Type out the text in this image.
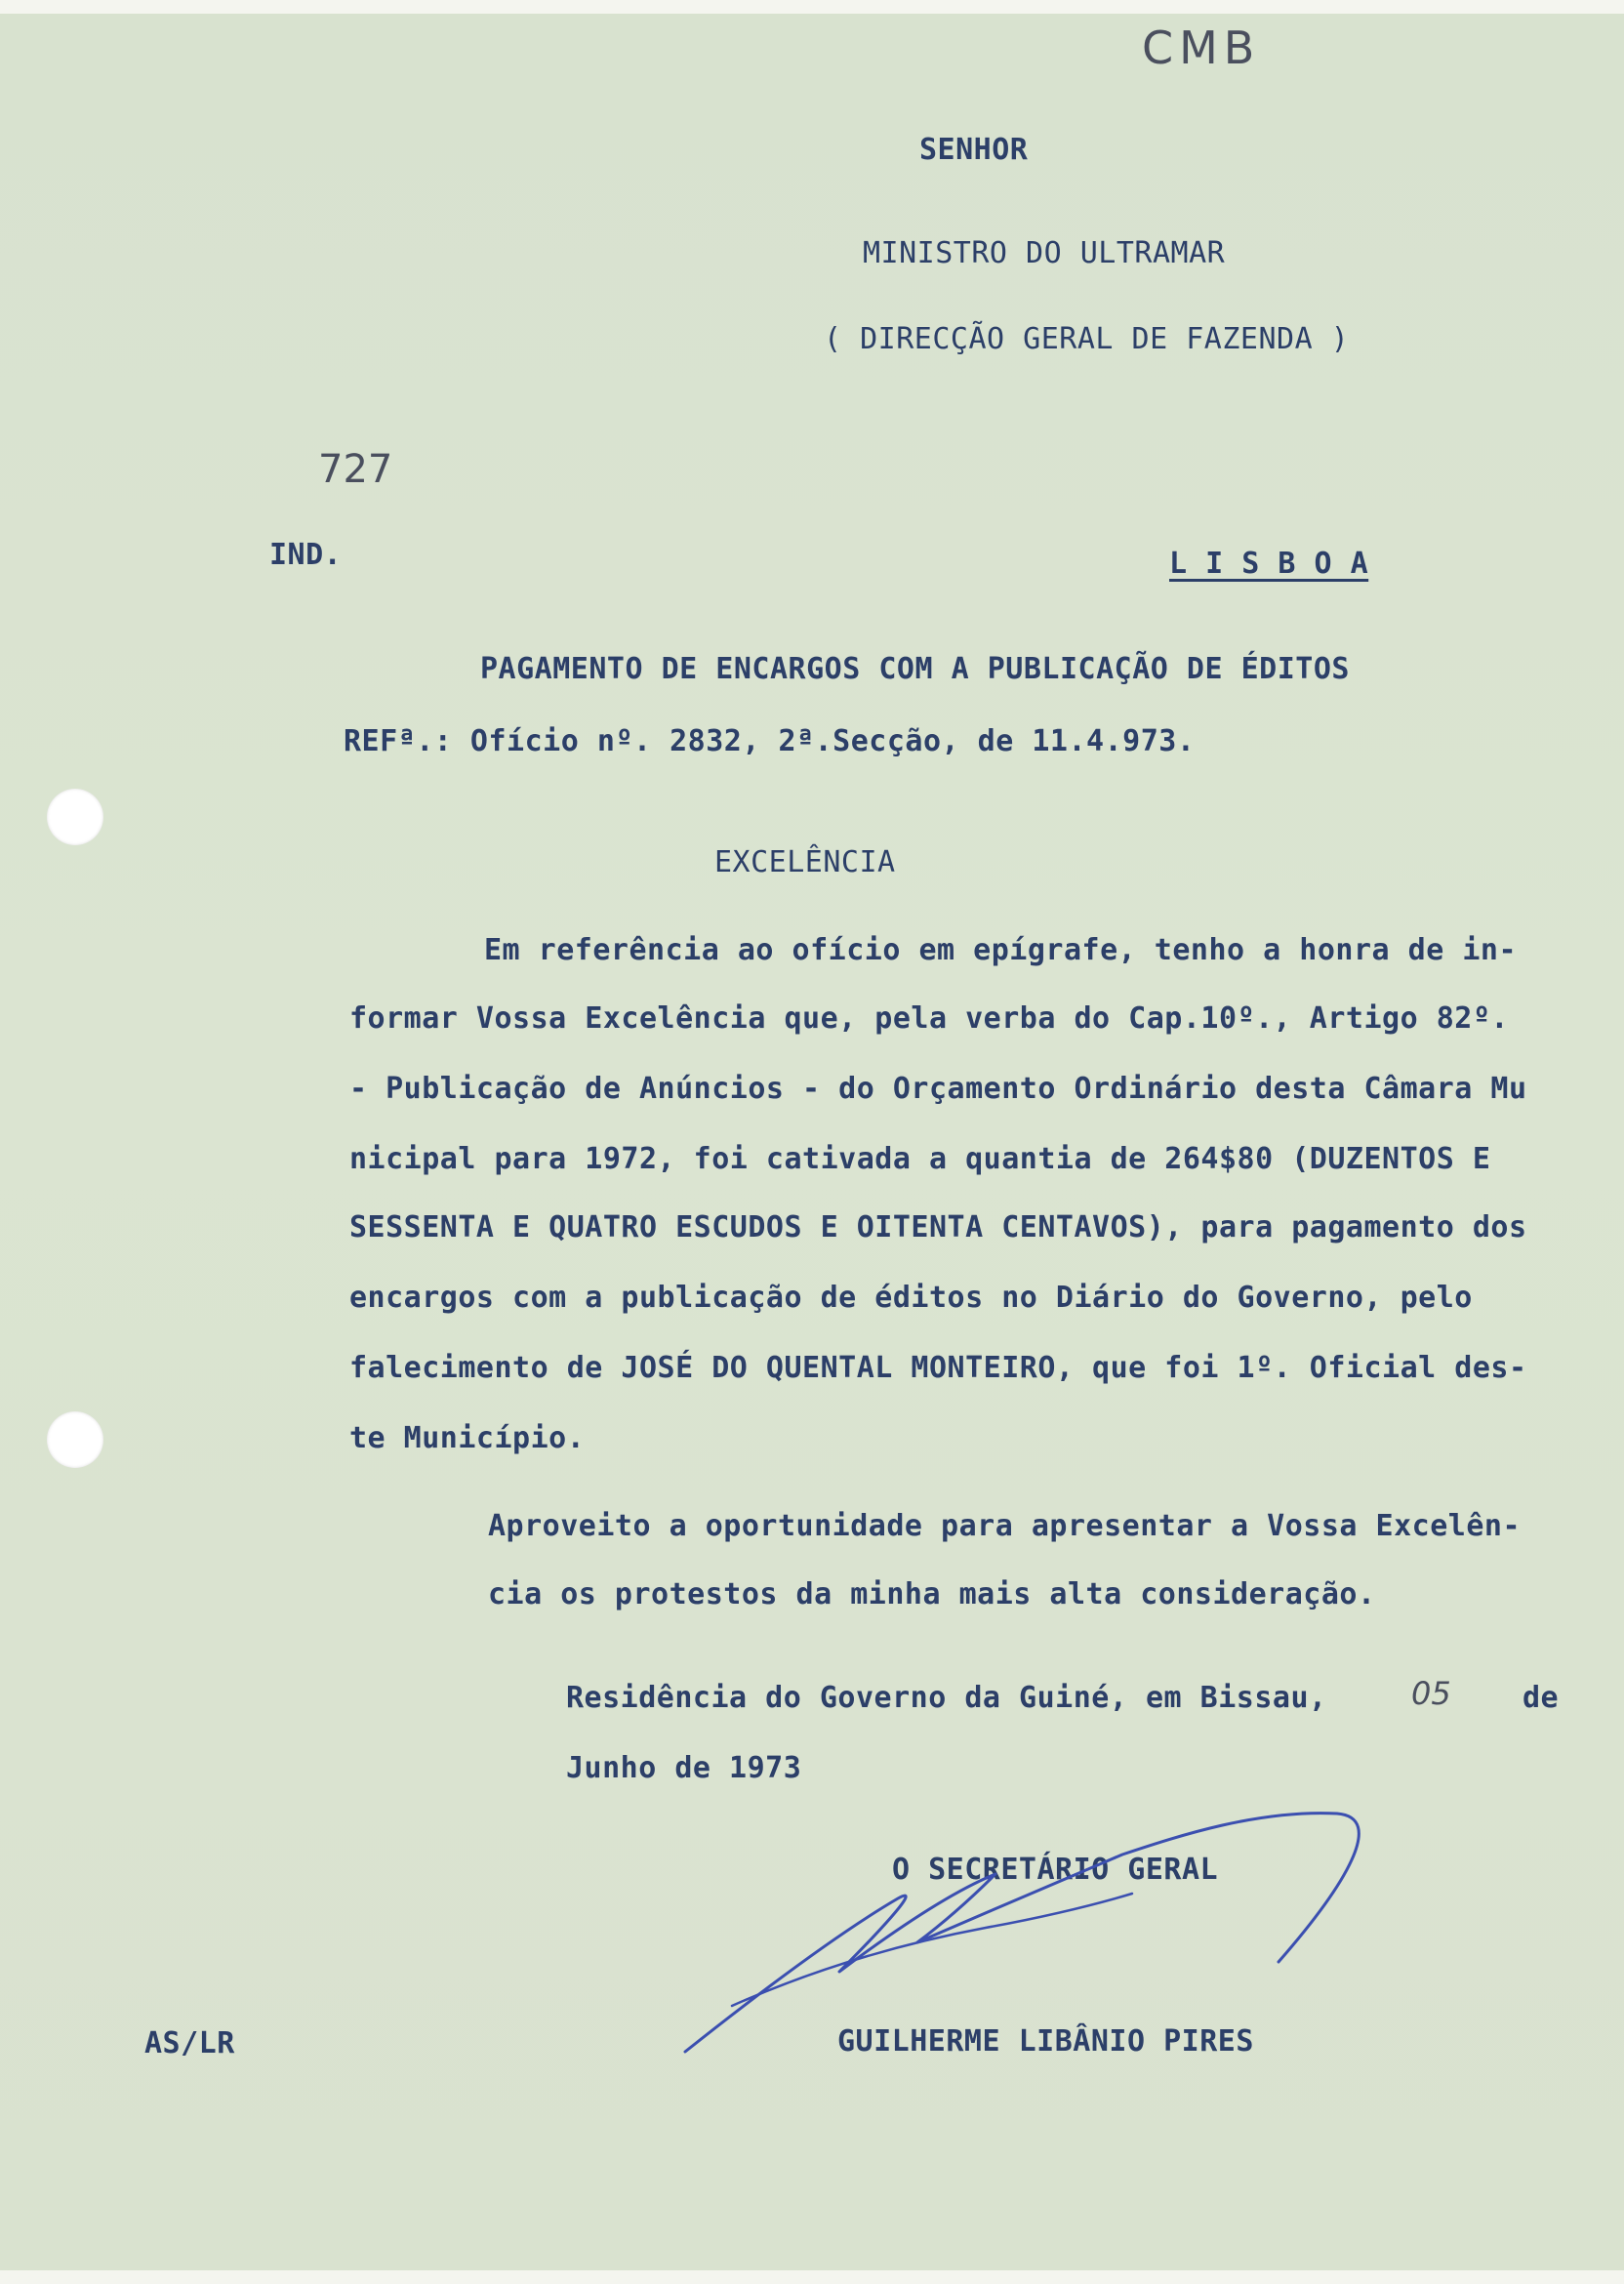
CMB
727
SENHOR
MINISTRO DO ULTRAMAR
( DIRECÇÃO GERAL DE FAZENDA )
IND.	L I S B O A
PAGAMENTO DE ENCARGOS COM A PUBLICAÇÃO DE ÉDITOS
REFª.: Ofício nº. 2832, 2ª.Secção, de 11.4.973.
EXCELÊNCIA
Em referência ao ofício em epígrafe, tenho a honra de in-
formar Vossa Excelência que, pela verba do Cap.10º., Artigo 82º.
- Publicação de Anúncios - do Orçamento Ordinário desta Câmara Mu
nicipal para 1972, foi cativada a quantia de 264$80 (DUZENTOS E
SESSENTA E QUATRO ESCUDOS E OITENTA CENTAVOS), para pagamento dos
encargos com a publicação de éditos no Diário do Governo, pelo
falecimento de JOSÉ DO QUENTAL MONTEIRO, que foi 1º. Oficial des-
te Município.
Aproveito a oportunidade para apresentar a Vossa Excelên-
cia os protestos da minha mais alta consideração.
Residência do Governo da Guiné, em Bissau,	05 de
Junho de 1973
O SECRETÁRIO GERAL
GUILHERME LIBÂNIO PIRES
AS/LR
